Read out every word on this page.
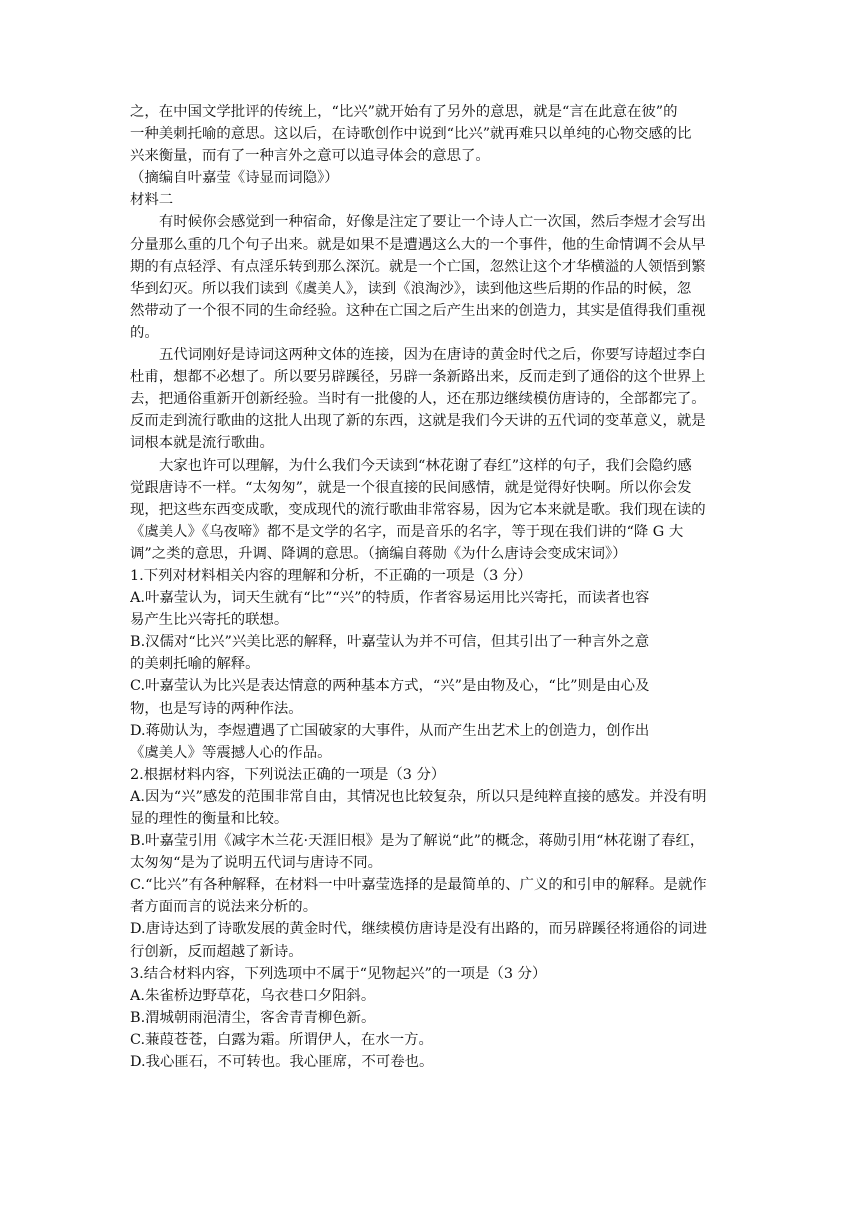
之，在中国文学批评的传统上，“比兴”就开始有了另外的意思，就是“言在此意在彼”的
一种美刺托喻的意思。这以后，在诗歌创作中说到“比兴”就再难只以单纯的心物交感的比
兴来衡量，而有了一种言外之意可以追寻体会的意思了。
（摘编自叶嘉莹《诗显而词隐》）
材料二
有时候你会感觉到一种宿命，好像是注定了要让一个诗人亡一次国，然后李煜才会写出
分量那么重的几个句子出来。就是如果不是遭遇这么大的一个事件，他的生命情调不会从早
期的有点轻浮、有点淫乐转到那么深沉。就是一个亡国，忽然让这个才华横溢的人领悟到繁
华到幻灭。所以我们读到《虞美人》，读到《浪淘沙》，读到他这些后期的作品的时候，忽
然带动了一个很不同的生命经验。这种在亡国之后产生出来的创造力，其实是值得我们重视
的。
五代词刚好是诗词这两种文体的连接，因为在唐诗的黄金时代之后，你要写诗超过李白
杜甫，想都不必想了。所以要另辟蹊径，另辟一条新路出来，反而走到了通俗的这个世界上
去，把通俗重新开创新经验。当时有一批傻的人，还在那边继续模仿唐诗的，全部都完了。
反而走到流行歌曲的这批人出现了新的东西，这就是我们今天讲的五代词的变革意义，就是
词根本就是流行歌曲。
大家也许可以理解，为什么我们今天读到“林花谢了春红”这样的句子，我们会隐约感
觉跟唐诗不一样。“太匆匆”，就是一个很直接的民间感情，就是觉得好快啊。所以你会发
现，把这些东西变成歌，变成现代的流行歌曲非常容易，因为它本来就是歌。我们现在读的
《虞美人》《乌夜啼》都不是文学的名字，而是音乐的名字，等于现在我们讲的“降 G 大
调”之类的意思，升调、降调的意思。（摘编自蒋勋《为什么唐诗会变成宋词》）
1.下列对材料相关内容的理解和分析，不正确的一项是（3 分）
A.叶嘉莹认为，词天生就有“比”“兴”的特质，作者容易运用比兴寄托，而读者也容
易产生比兴寄托的联想。
B.汉儒对“比兴”兴美比恶的解释，叶嘉莹认为并不可信，但其引出了一种言外之意
的美刺托喻的解释。
C.叶嘉莹认为比兴是表达情意的两种基本方式，“兴”是由物及心，“比”则是由心及
物，也是写诗的两种作法。
D.蒋勋认为，李煜遭遇了亡国破家的大事件，从而产生出艺术上的创造力，创作出
《虞美人》等震撼人心的作品。
2.根据材料内容，下列说法正确的一项是（3 分）
A.因为“兴”感发的范围非常自由，其情况也比较复杂，所以只是纯粹直接的感发。并没有明
显的理性的衡量和比较。
B.叶嘉莹引用《减字木兰花·天涯旧根》是为了解说“此”的概念，蒋勋引用“林花谢了春红，
太匆匆“是为了说明五代词与唐诗不同。
C.“比兴”有各种解释，在材料一中叶嘉莹选择的是最简单的、广义的和引申的解释。是就作
者方面而言的说法来分析的。
D.唐诗达到了诗歌发展的黄金时代，继续模仿唐诗是没有出路的，而另辟蹊径将通俗的词进
行创新，反而超越了新诗。
3.结合材料内容，下列选项中不属于“见物起兴”的一项是（3 分）
A.朱雀桥边野草花，乌衣巷口夕阳斜。
B.渭城朝雨浥清尘，客舍青青柳色新。
C.蒹葭苍苍，白露为霜。所谓伊人，在水一方。
D.我心匪石，不可转也。我心匪席，不可卷也。
